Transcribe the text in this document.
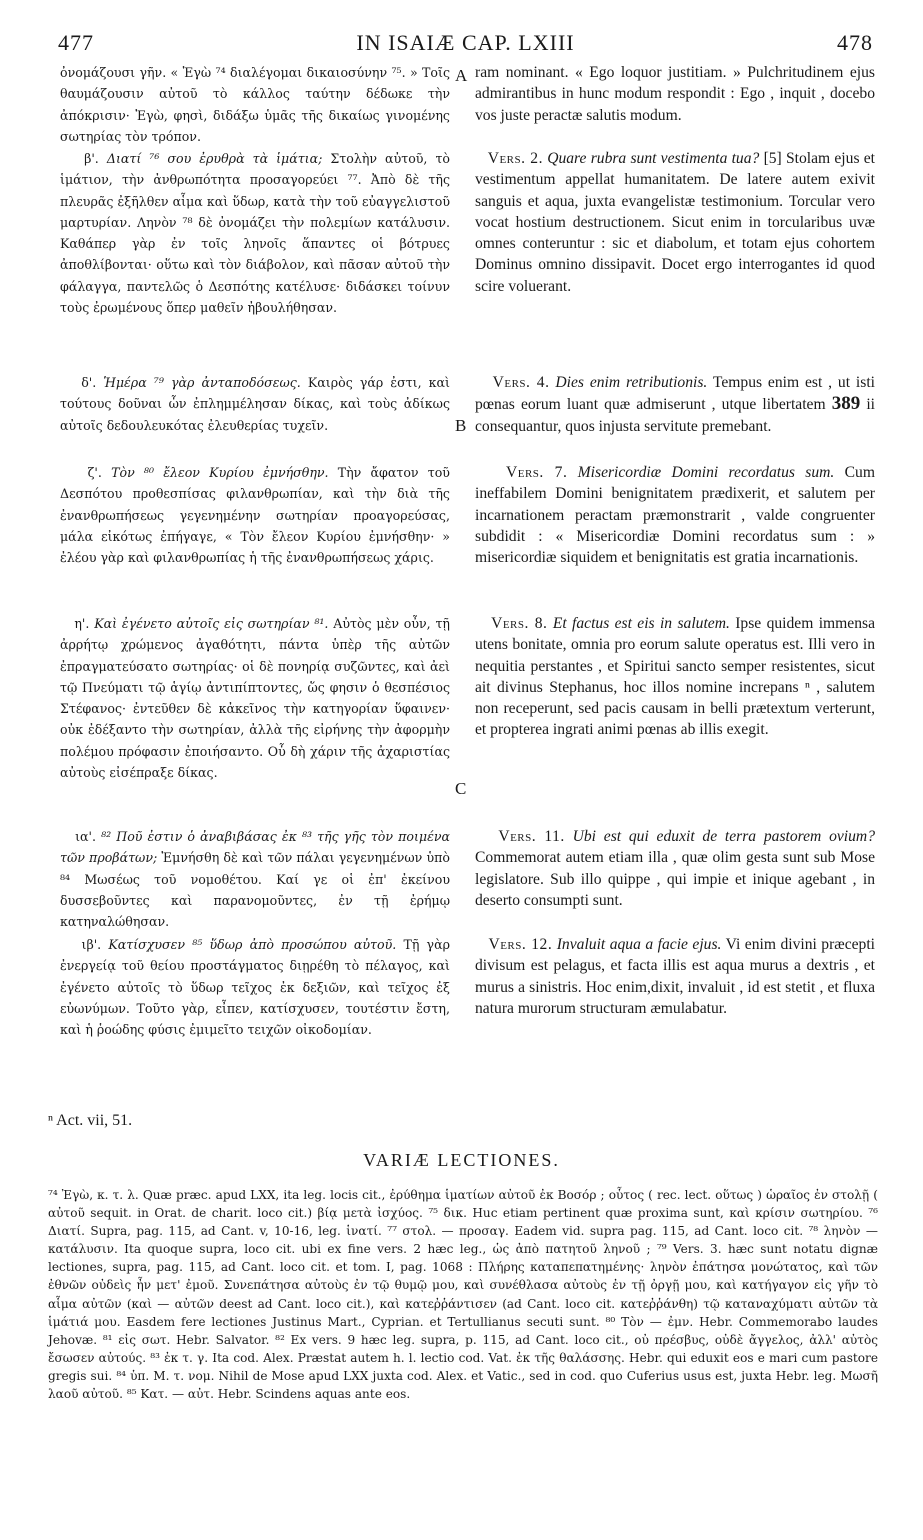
477	IN ISAIÆ CAP. LXIII	478

ὀνομάζουσι γῆν. « Ἐγὼ ⁷⁴ διαλέγομαι δικαιοσύνην ⁷⁵. » Τοῖς θαυμάζουσιν αὐτοῦ τὸ κάλλος ταύτην δέδωκε τὴν ἀπόκρισιν· Ἐγὼ, φησὶ, διδάξω ὑμᾶς τῆς δικαίως γινομένης σωτηρίας τὸν τρόπον.

β'. Διατί ⁷⁶ σου ἐρυθρὰ τὰ ἱμάτια; Στολὴν αὐτοῦ, τὸ ἱμάτιον, τὴν ἀνθρωπότητα προσαγορεύει ⁷⁷. Ἀπὸ δὲ τῆς πλευρᾶς ἐξῆλθεν αἷμα καὶ ὕδωρ, κατὰ τὴν τοῦ εὐαγγελιστοῦ μαρτυρίαν. Ληνὸν ⁷⁸ δὲ ὀνομάζει τὴν πολεμίων κατάλυσιν. Καθάπερ γὰρ ἐν τοῖς ληνοῖς ἅπαντες οἱ βότρυες ἀποθλίβονται· οὕτω καὶ τὸν διάβολον, καὶ πᾶσαν αὐτοῦ τὴν φάλαγγα, παντελῶς ὁ Δεσπότης κατέλυσε· διδάσκει τοίνυν τοὺς ἐρωμένους ὅπερ μαθεῖν ἠβουλήθησαν.

δ'. Ἡμέρα ⁷⁹ γὰρ ἀνταποδόσεως. Καιρὸς γάρ ἐστι, καὶ τούτους δοῦναι ὧν ἐπλημμέλησαν δίκας, καὶ τοὺς ἀδίκως αὐτοῖς δεδουλευκότας ἐλευθερίας τυχεῖν.

ζ'. Τὸν ⁸⁰ ἔλεον Κυρίου ἐμνήσθην. Τὴν ἄφατον τοῦ Δεσπότου προθεσπίσας φιλανθρωπίαν, καὶ τὴν διὰ τῆς ἐνανθρωπήσεως γεγενημένην σωτηρίαν προαγορεύσας, μάλα εἰκότως ἐπήγαγε, « Τὸν ἔλεον Κυρίου ἐμνήσθην· » ἐλέου γὰρ καὶ φιλανθρωπίας ἡ τῆς ἐνανθρωπήσεως χάρις.

η'. Καὶ ἐγένετο αὐτοῖς εἰς σωτηρίαν ⁸¹. Αὐτὸς μὲν οὖν, τῇ ἀρρήτῳ χρώμενος ἀγαθότητι, πάντα ὑπὲρ τῆς αὐτῶν ἐπραγματεύσατο σωτηρίας· οἱ δὲ πονηρίᾳ συζῶντες, καὶ ἀεὶ τῷ Πνεύματι τῷ ἁγίῳ ἀντιπίπτοντες, ὥς φησιν ὁ θεσπέσιος Στέφανος· ἐντεῦθεν δὲ κἀκεῖνος τὴν κατηγορίαν ὕφαινεν· οὐκ ἐδέξαντο τὴν σωτηρίαν, ἀλλὰ τῆς εἰρήνης τὴν ἀφορμὴν πολέμου πρόφασιν ἐποιήσαντο. Οὗ δὴ χάριν τῆς ἀχαριστίας αὐτοὺς εἰσέπραξε δίκας.

ια'. ⁸² Ποῦ ἐστιν ὁ ἀναβιβάσας ἐκ ⁸³ τῆς γῆς τὸν ποιμένα τῶν προβάτων; Ἐμνήσθη δὲ καὶ τῶν πάλαι γεγενημένων ὑπὸ ⁸⁴ Μωσέως τοῦ νομοθέτου. Καί γε οἱ ἐπ' ἐκείνου δυσσεβοῦντες καὶ παρανομοῦντες, ἐν τῇ ἐρήμῳ κατηναλώθησαν.

ιβ'. Κατίσχυσεν ⁸⁵ ὕδωρ ἀπὸ προσώπου αὐτοῦ. Τῇ γὰρ ἐνεργείᾳ τοῦ θείου προστάγματος διῃρέθη τὸ πέλαγος, καὶ ἐγένετο αὐτοῖς τὸ ὕδωρ τεῖχος ἐκ δεξιῶν, καὶ τεῖχος ἐξ εὐωνύμων. Τοῦτο γὰρ, εἶπεν, κατίσχυσεν, τουτέστιν ἔστη, καὶ ἡ ῥοώδης φύσις ἐμιμεῖτο τειχῶν οἰκοδομίαν.

A
B
C

ram nominant. « Ego loquor justitiam. » Pulchritudinem ejus admirantibus in hunc modum respondit : Ego , inquit , docebo vos juste peractæ salutis modum.

Vers. 2. Quare rubra sunt vestimenta tua? [5] Stolam ejus et vestimentum appellat humanitatem. De latere autem exivit sanguis et aqua, juxta evangelistæ testimonium. Torcular vero vocat hostium destructionem. Sicut enim in torcularibus uvæ omnes conteruntur : sic et diabolum, et totam ejus cohortem Dominus omnino dissipavit. Docet ergo interrogantes id quod scire voluerant.

Vers. 4. Dies enim retributionis. Tempus enim est , ut isti pœnas eorum luant quæ admiserunt , utque libertatem 389 ii consequantur, quos injusta servitute premebant.

Vers. 7. Misericordiæ Domini recordatus sum. Cum ineffabilem Domini benignitatem prædixerit, et salutem per incarnationem peractam præmonstrarit , valde congruenter subdidit : « Misericordiæ Domini recordatus sum : » misericordiæ siquidem et benignitatis est gratia incarnationis.

Vers. 8. Et factus est eis in salutem. Ipse quidem immensa utens bonitate, omnia pro eorum salute operatus est. Illi vero in nequitia perstantes , et Spiritui sancto semper resistentes, sicut ait divinus Stephanus, hoc illos nomine increpans ⁿ , salutem non receperunt, sed pacis causam in belli prætextum verterunt, et propterea ingrati animi pœnas ab illis exegit.

Vers. 11. Ubi est qui eduxit de terra pastorem ovium? Commemorat autem etiam illa , quæ olim gesta sunt sub Mose legislatore. Sub illo quippe , qui impie et inique agebant , in deserto consumpti sunt.

Vers. 12. Invaluit aqua a facie ejus. Vi enim divini præcepti divisum est pelagus, et facta illis est aqua murus a dextris , et murus a sinistris. Hoc enim,dixit, invaluit , id est stetit , et fluxa natura murorum structuram æmulabatur.

ⁿ Act. vii, 51.
VARIÆ LECTIONES.

⁷⁴ Ἐγὼ, κ. τ. λ. Quæ præc. apud LXX, ita leg. locis cit., ἐρύθημα ἱματίων αὐτοῦ ἐκ Βοσόρ ; οὗτος ( rec. lect. οὕτως ) ὡραῖος ἐν στολῇ ( αὐτοῦ sequit. in Orat. de charit. loco cit.) βίᾳ μετὰ ἰσχύος. ⁷⁵ δικ. Huc etiam pertinent quæ proxima sunt, καὶ κρίσιν σωτηρίου. ⁷⁶ Διατί. Supra, pag. 115, ad Cant. v, 10-16, leg. ἱνατί. ⁷⁷ στολ. — προσαγ. Eadem vid. supra pag. 115, ad Cant. loco cit. ⁷⁸ ληνὸν — κατάλυσιν. Ita quoque supra, loco cit. ubi ex fine vers. 2 hæc leg., ὡς ἀπὸ πατητοῦ ληνοῦ ; ⁷⁹ Vers. 3. hæc sunt notatu dignæ lectiones, supra, pag. 115, ad Cant. loco cit. et tom. I, pag. 1068 : Πλήρης καταπεπατημένης· ληνὸν ἐπάτησα μονώτατος, καὶ τῶν ἐθνῶν οὐδεὶς ἦν μετ' ἐμοῦ. Συνεπάτησα αὐτοὺς ἐν τῷ θυμῷ μου, καὶ συνέθλασα αὐτοὺς ἐν τῇ ὀργῇ μου, καὶ κατήγαγον εἰς γῆν τὸ αἷμα αὐτῶν (καὶ — αὐτῶν deest ad Cant. loco cit.), καὶ κατεῤῥάντισεν (ad Cant. loco cit. κατεῤῥάνθη) τῷ καταναχύματι αὐτῶν τὰ ἱμάτιά μου. Easdem fere lectiones Justinus Mart., Cyprian. et Tertullianus secuti sunt. ⁸⁰ Τὸν — ἐμν. Hebr. Commemorabo laudes Jehovæ. ⁸¹ εἰς σωτ. Hebr. Salvator. ⁸² Ex vers. 9 hæc leg. supra, p. 115, ad Cant. loco cit., οὐ πρέσβυς, οὐδὲ ἄγγελος, ἀλλ' αὐτὸς ἔσωσεν αὐτούς. ⁸³ ἐκ τ. γ. Ita cod. Alex. Præstat autem h. l. lectio cod. Vat. ἐκ τῆς θαλάσσης. Hebr. qui eduxit eos e mari cum pastore gregis sui. ⁸⁴ ὑπ. Μ. τ. νομ. Nihil de Mose apud LXX juxta cod. Alex. et Vatic., sed in cod. quo Cuferius usus est, juxta Hebr. leg. Μωσῆ λαοῦ αὐτοῦ. ⁸⁵ Κατ. — αὐτ. Hebr. Scindens aquas ante eos.
